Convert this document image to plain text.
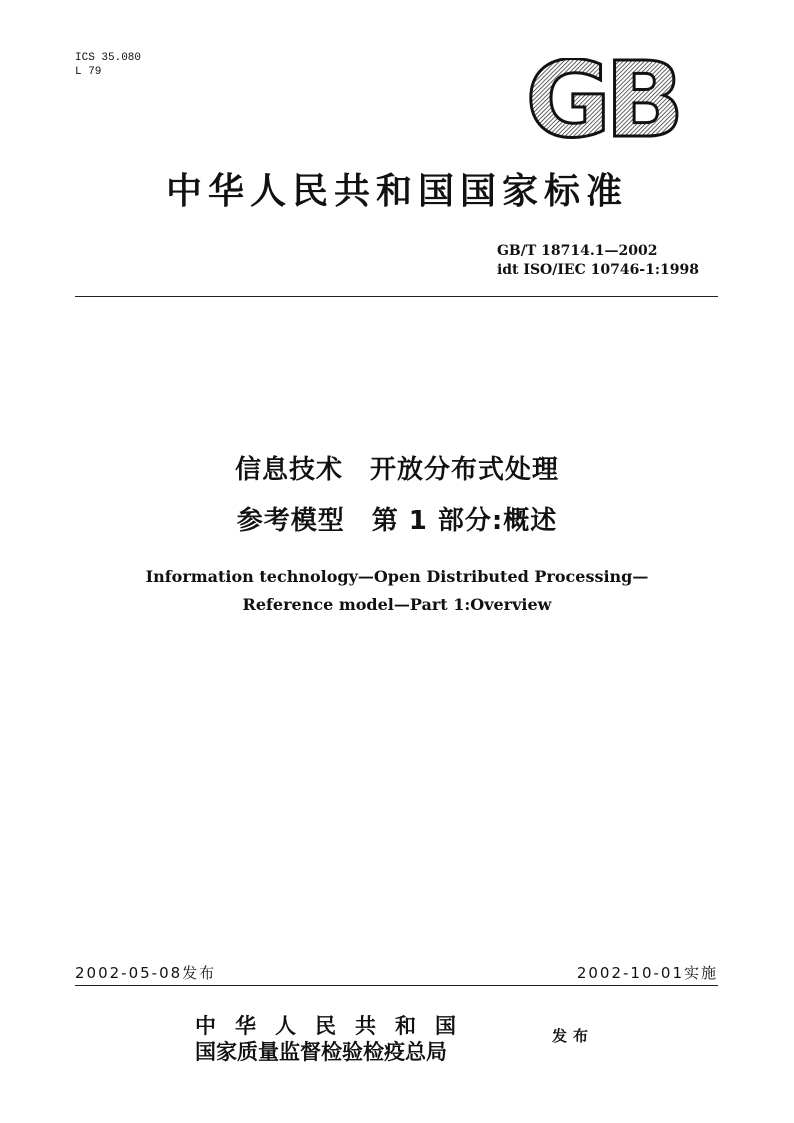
ICS 35.080
L 79	GB
中华人民共和国国家标准
GB/T 18714.1—2002
idt ISO/IEC 10746-1:1998
信息技术　开放分布式处理
参考模型　第 1 部分:概述
Information technology—Open Distributed Processing—
Reference model—Part 1:Overview
2002-05-08发布	2002-10-01实施
中华人民共和国
国家质量监督检验检疫总局
发布
